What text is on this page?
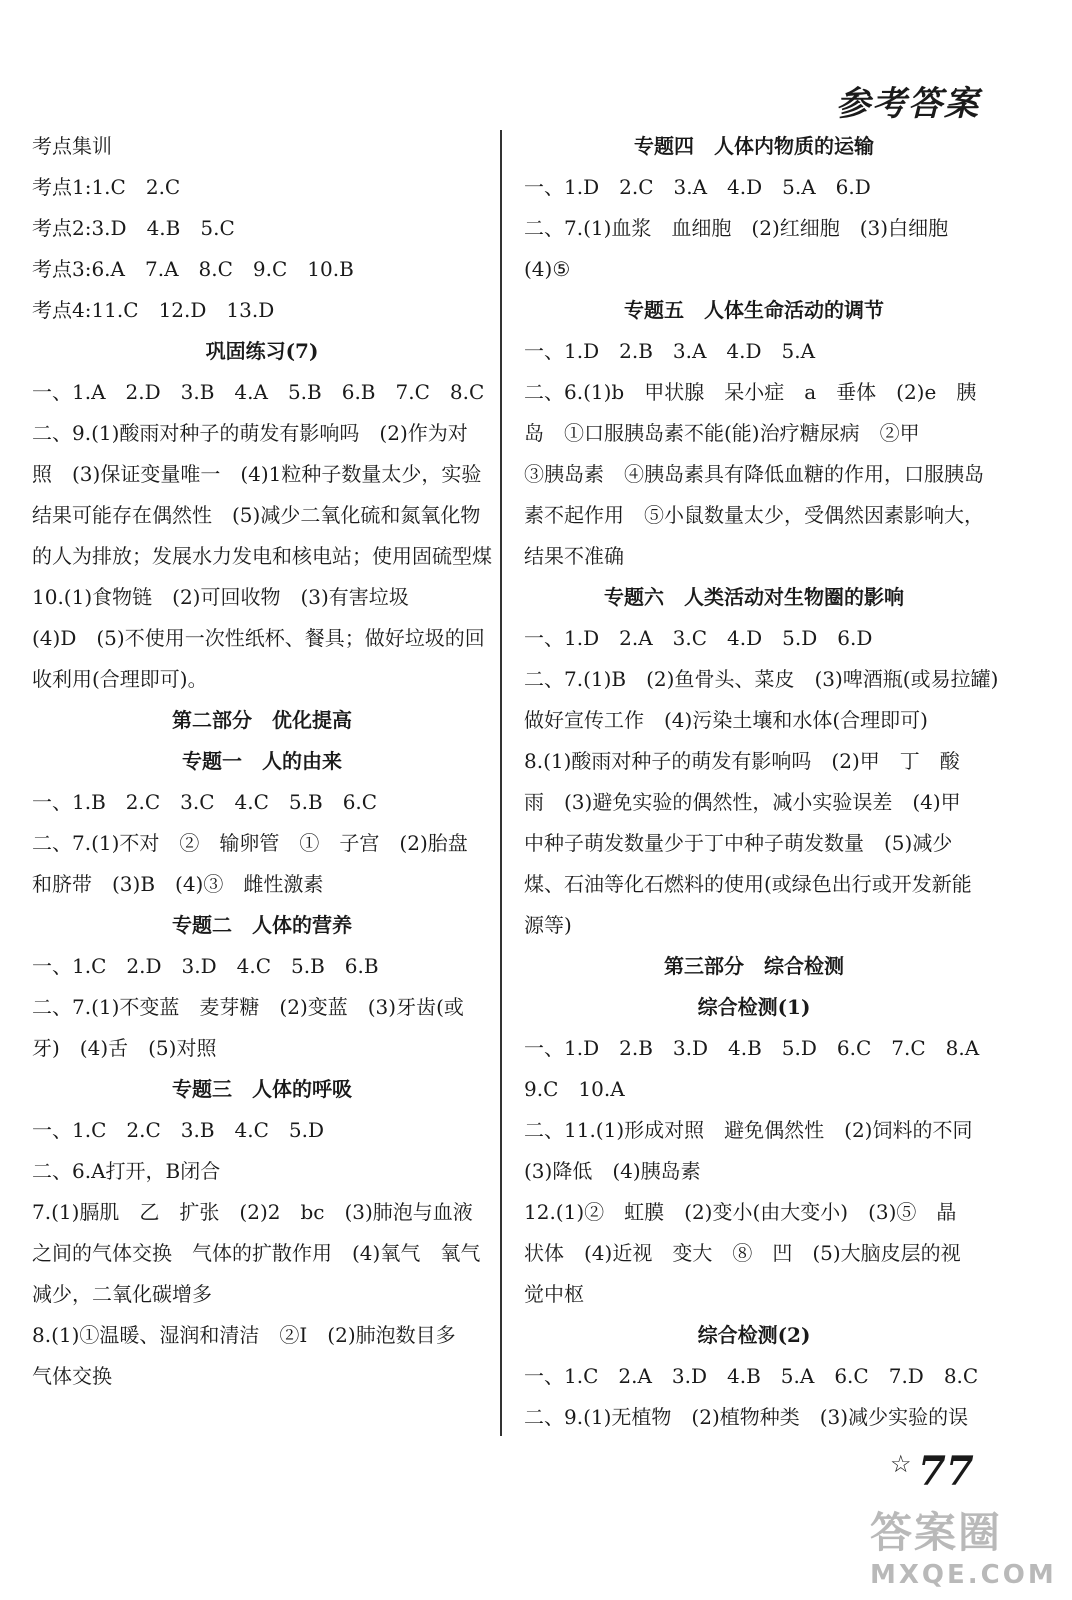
参考答案
考点集训
考点1:1.C　2.C
考点2:3.D　4.B　5.C
考点3:6.A　7.A　8.C　9.C　10.B
考点4:11.C　12.D　13.D
巩固练习(7)
一、1.A　2.D　3.B　4.A　5.B　6.B　7.C　8.C
二、9.(1)酸雨对种子的萌发有影响吗　(2)作为对
照　(3)保证变量唯一　(4)1粒种子数量太少，实验
结果可能存在偶然性　(5)减少二氧化硫和氮氧化物
的人为排放；发展水力发电和核电站；使用固硫型煤
10.(1)食物链　(2)可回收物　(3)有害垃圾
(4)D　(5)不使用一次性纸杯、餐具；做好垃圾的回
收利用(合理即可)。
第二部分　优化提高
专题一　人的由来
一、1.B　2.C　3.C　4.C　5.B　6.C
二、7.(1)不对　②　输卵管　①　子宫　(2)胎盘
和脐带　(3)B　(4)③　雌性激素
专题二　人体的营养
一、1.C　2.D　3.D　4.C　5.B　6.B
二、7.(1)不变蓝　麦芽糖　(2)变蓝　(3)牙齿(或
牙)　(4)舌　(5)对照
专题三　人体的呼吸
一、1.C　2.C　3.B　4.C　5.D
二、6.A打开，B闭合
7.(1)膈肌　乙　扩张　(2)2　bc　(3)肺泡与血液
之间的气体交换　气体的扩散作用　(4)氧气　氧气
减少，二氧化碳增多
8.(1)①温暖、湿润和清洁　②I　(2)肺泡数目多
气体交换
专题四　人体内物质的运输
一、1.D　2.C　3.A　4.D　5.A　6.D
二、7.(1)血浆　血细胞　(2)红细胞　(3)白细胞
(4)⑤
专题五　人体生命活动的调节
一、1.D　2.B　3.A　4.D　5.A
二、6.(1)b　甲状腺　呆小症　a　垂体　(2)e　胰
岛　①口服胰岛素不能(能)治疗糖尿病　②甲
③胰岛素　④胰岛素具有降低血糖的作用，口服胰岛
素不起作用　⑤小鼠数量太少，受偶然因素影响大，
结果不准确
专题六　人类活动对生物圈的影响
一、1.D　2.A　3.C　4.D　5.D　6.D
二、7.(1)B　(2)鱼骨头、菜皮　(3)啤酒瓶(或易拉罐)
做好宣传工作　(4)污染土壤和水体(合理即可)
8.(1)酸雨对种子的萌发有影响吗　(2)甲　丁　酸
雨　(3)避免实验的偶然性，减小实验误差　(4)甲
中种子萌发数量少于丁中种子萌发数量　(5)减少
煤、石油等化石燃料的使用(或绿色出行或开发新能
源等)
第三部分　综合检测
综合检测(1)
一、1.D　2.B　3.D　4.B　5.D　6.C　7.C　8.A
9.C　10.A
二、11.(1)形成对照　避免偶然性　(2)饲料的不同
(3)降低　(4)胰岛素
12.(1)②　虹膜　(2)变小(由大变小)　(3)⑤　晶
状体　(4)近视　变大　⑧　凹　(5)大脑皮层的视
觉中枢
综合检测(2)
一、1.C　2.A　3.D　4.B　5.A　6.C　7.D　8.C
二、9.(1)无植物　(2)植物种类　(3)减少实验的误
☆ 77
答案圈
MXQE.COM
